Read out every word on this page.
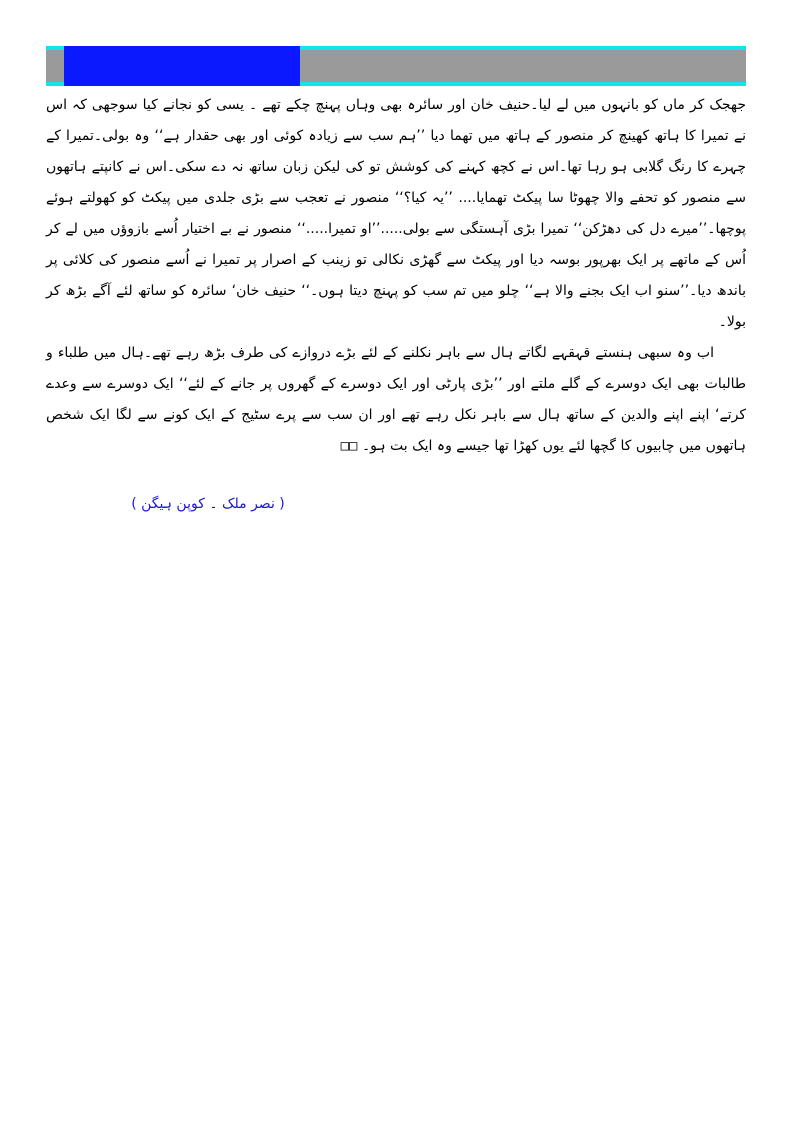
جھجک کر ماں کو بانہوں میں لے لیا۔حنیف خان اور سائرہ بھی وہاں پہنچ چکے تھے ۔ یسی کو نجانے کیا سوجھی کہ اس نے تمیرا کا ہاتھ کھینچ کر منصور کے ہاتھ میں تھما دیا ’’ہم سب سے زیادہ کوئی اور بھی حقدار ہے‘‘ وہ بولی۔تمیرا کے چہرے کا رنگ گلابی ہو رہا تھا۔اس نے کچھ کہنے کی کوشش تو کی لیکن زبان ساتھ نہ دے سکی۔اس نے کانپتے ہاتھوں سے منصور کو تحفے والا چھوٹا سا پیکٹ تھمایا.... ’’یہ کیا؟‘‘ منصور نے تعجب سے بڑی جلدی میں پیکٹ کو کھولتے ہوئے پوچھا۔’’میرے دل کی دھڑکن‘‘ تمیرا بڑی آہستگی سے بولی.....’’او تمیرا.....‘‘ منصور نے بے اختیار اُسے بازوؤں میں لے کر اُس کے ماتھے پر ایک بھرپور بوسہ دیا اور پیکٹ سے گھڑی نکالی تو زینب کے اصرار پر تمیرا نے اُسے منصور کی کلائی پر باندھ دیا۔’’سنو اب ایک بجنے والا ہے‘‘ چلو میں تم سب کو پہنچ دیتا ہوں۔‘‘ حنیف خان‘ سائرہ کو ساتھ لئے آگے بڑھ کر بولا۔

اب وہ سبھی ہنستے قہقہے لگاتے ہال سے باہر نکلنے کے لئے بڑے دروازے کی طرف بڑھ رہے تھے۔ہال میں طلباء و طالبات بھی ایک دوسرے کے گلے ملتے اور ’’بڑی پارٹی اور ایک دوسرے کے گھروں پر جانے کے لئے‘‘ ایک دوسرے سے وعدے کرتے‘ اپنے اپنے والدین کے ساتھ ہال سے باہر نکل رہے تھے اور ان سب سے پرے سٹیج کے ایک کونے سے لگا ایک شخص ہاتھوں میں چابیوں کا گچھا لئے یوں کھڑا تھا جیسے وہ ایک بت ہو۔ □□

( نصر ملک ۔ کوپن ہیگن )
